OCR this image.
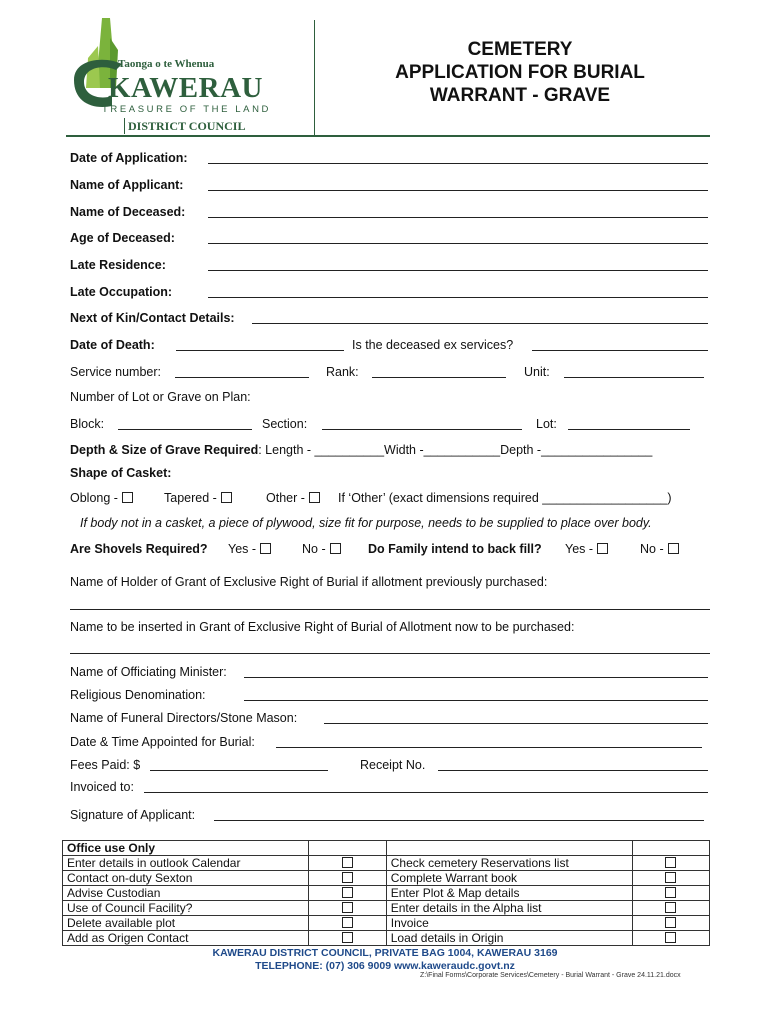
Taonga o te Whenua
KAWERAU
TREASURE OF THE LAND
DISTRICT COUNCIL
CEMETERY
APPLICATION FOR BURIAL
WARRANT - GRAVE
Date of Application:
Name of Applicant:
Name of Deceased:
Age of Deceased:
Late Residence:
Late Occupation:
Next of Kin/Contact Details:
Date of Death:	Is the deceased ex services?
Service number:	Rank:	Unit:
Number of Lot or Grave on Plan:
Block:	Section:	Lot:
Depth & Size of Grave Required: Length - __________Width -___________Depth -________________
Shape of Casket:
Oblong -	Tapered -	Other -	If ‘Other’ (exact dimensions required __________________)
If body not in a casket, a piece of plywood, size fit for purpose, needs to be supplied to place over body.
Are Shovels Required? Yes -	No -	Do Family intend to back fill? Yes -	No -
Name of Holder of Grant of Exclusive Right of Burial if allotment previously purchased:
Name to be inserted in Grant of Exclusive Right of Burial of Allotment now to be purchased:
Name of Officiating Minister:
Religious Denomination:
Name of Funeral Directors/Stone Mason:
Date & Time Appointed for Burial:
Fees Paid: $	Receipt No.
Invoiced to:
Signature of Applicant:
Office use Only			
Enter details in outlook Calendar		Check cemetery Reservations list	
Contact on-duty Sexton		Complete Warrant book	
Advise Custodian		Enter Plot & Map details	
Use of Council Facility?		Enter details in the Alpha list	
Delete available plot		Invoice	
Add as Origen Contact		Load details in Origin	
KAWERAU DISTRICT COUNCIL, PRIVATE BAG 1004, KAWERAU 3169
TELEPHONE: (07) 306 9009 www.kaweraudc.govt.nz
Z:\Final Forms\Corporate Services\Cemetery - Burial Warrant - Grave 24.11.21.docx
